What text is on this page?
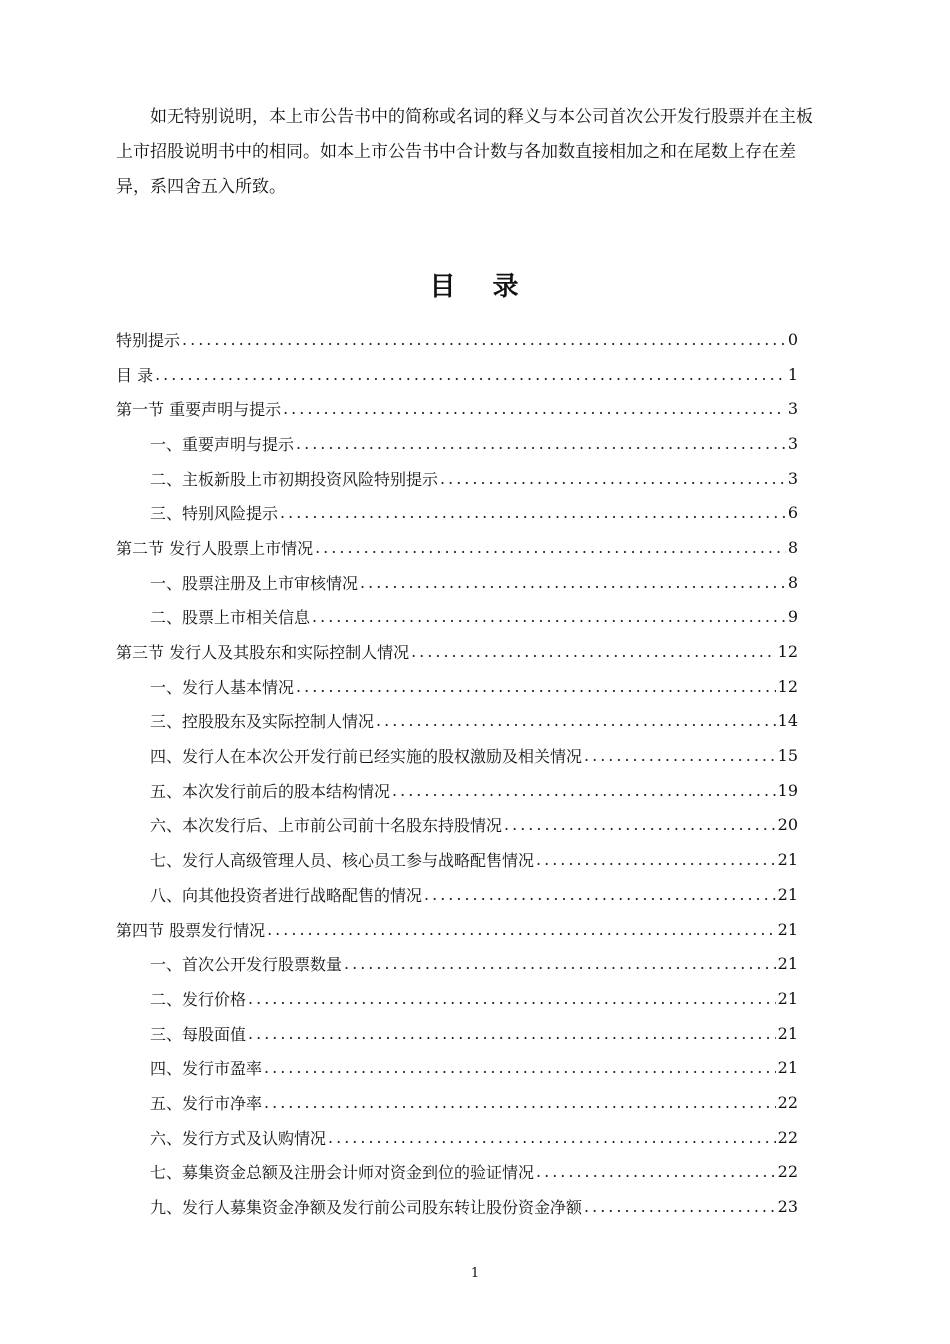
如无特别说明，本上市公告书中的简称或名词的释义与本公司首次公开发行股票并在主板上市招股说明书中的相同。如本上市公告书中合计数与各加数直接相加之和在尾数上存在差异，系四舍五入所致。

目 录
特别提示 .....	0
目 录 .....	1
第一节 重要声明与提示 .....	3
一、重要声明与提示 .....	3
二、主板新股上市初期投资风险特别提示 .....	3
三、特别风险提示 .....	6
第二节 发行人股票上市情况 .....	8
一、股票注册及上市审核情况 .....	8
二、股票上市相关信息 .....	9
第三节 发行人及其股东和实际控制人情况 .....	12
一、发行人基本情况 .....	12
三、控股股东及实际控制人情况 .....	14
四、发行人在本次公开发行前已经实施的股权激励及相关情况 .....	15
五、本次发行前后的股本结构情况 .....	19
六、本次发行后、上市前公司前十名股东持股情况 .....	20
七、发行人高级管理人员、核心员工参与战略配售情况 .....	21
八、向其他投资者进行战略配售的情况 .....	21
第四节 股票发行情况 .....	21
一、首次公开发行股票数量 .....	21
二、发行价格 .....	21
三、每股面值 .....	21
四、发行市盈率 .....	21
五、发行市净率 .....	22
六、发行方式及认购情况 .....	22
七、募集资金总额及注册会计师对资金到位的验证情况 .....	22
九、发行人募集资金净额及发行前公司股东转让股份资金净额 .....	23

1
